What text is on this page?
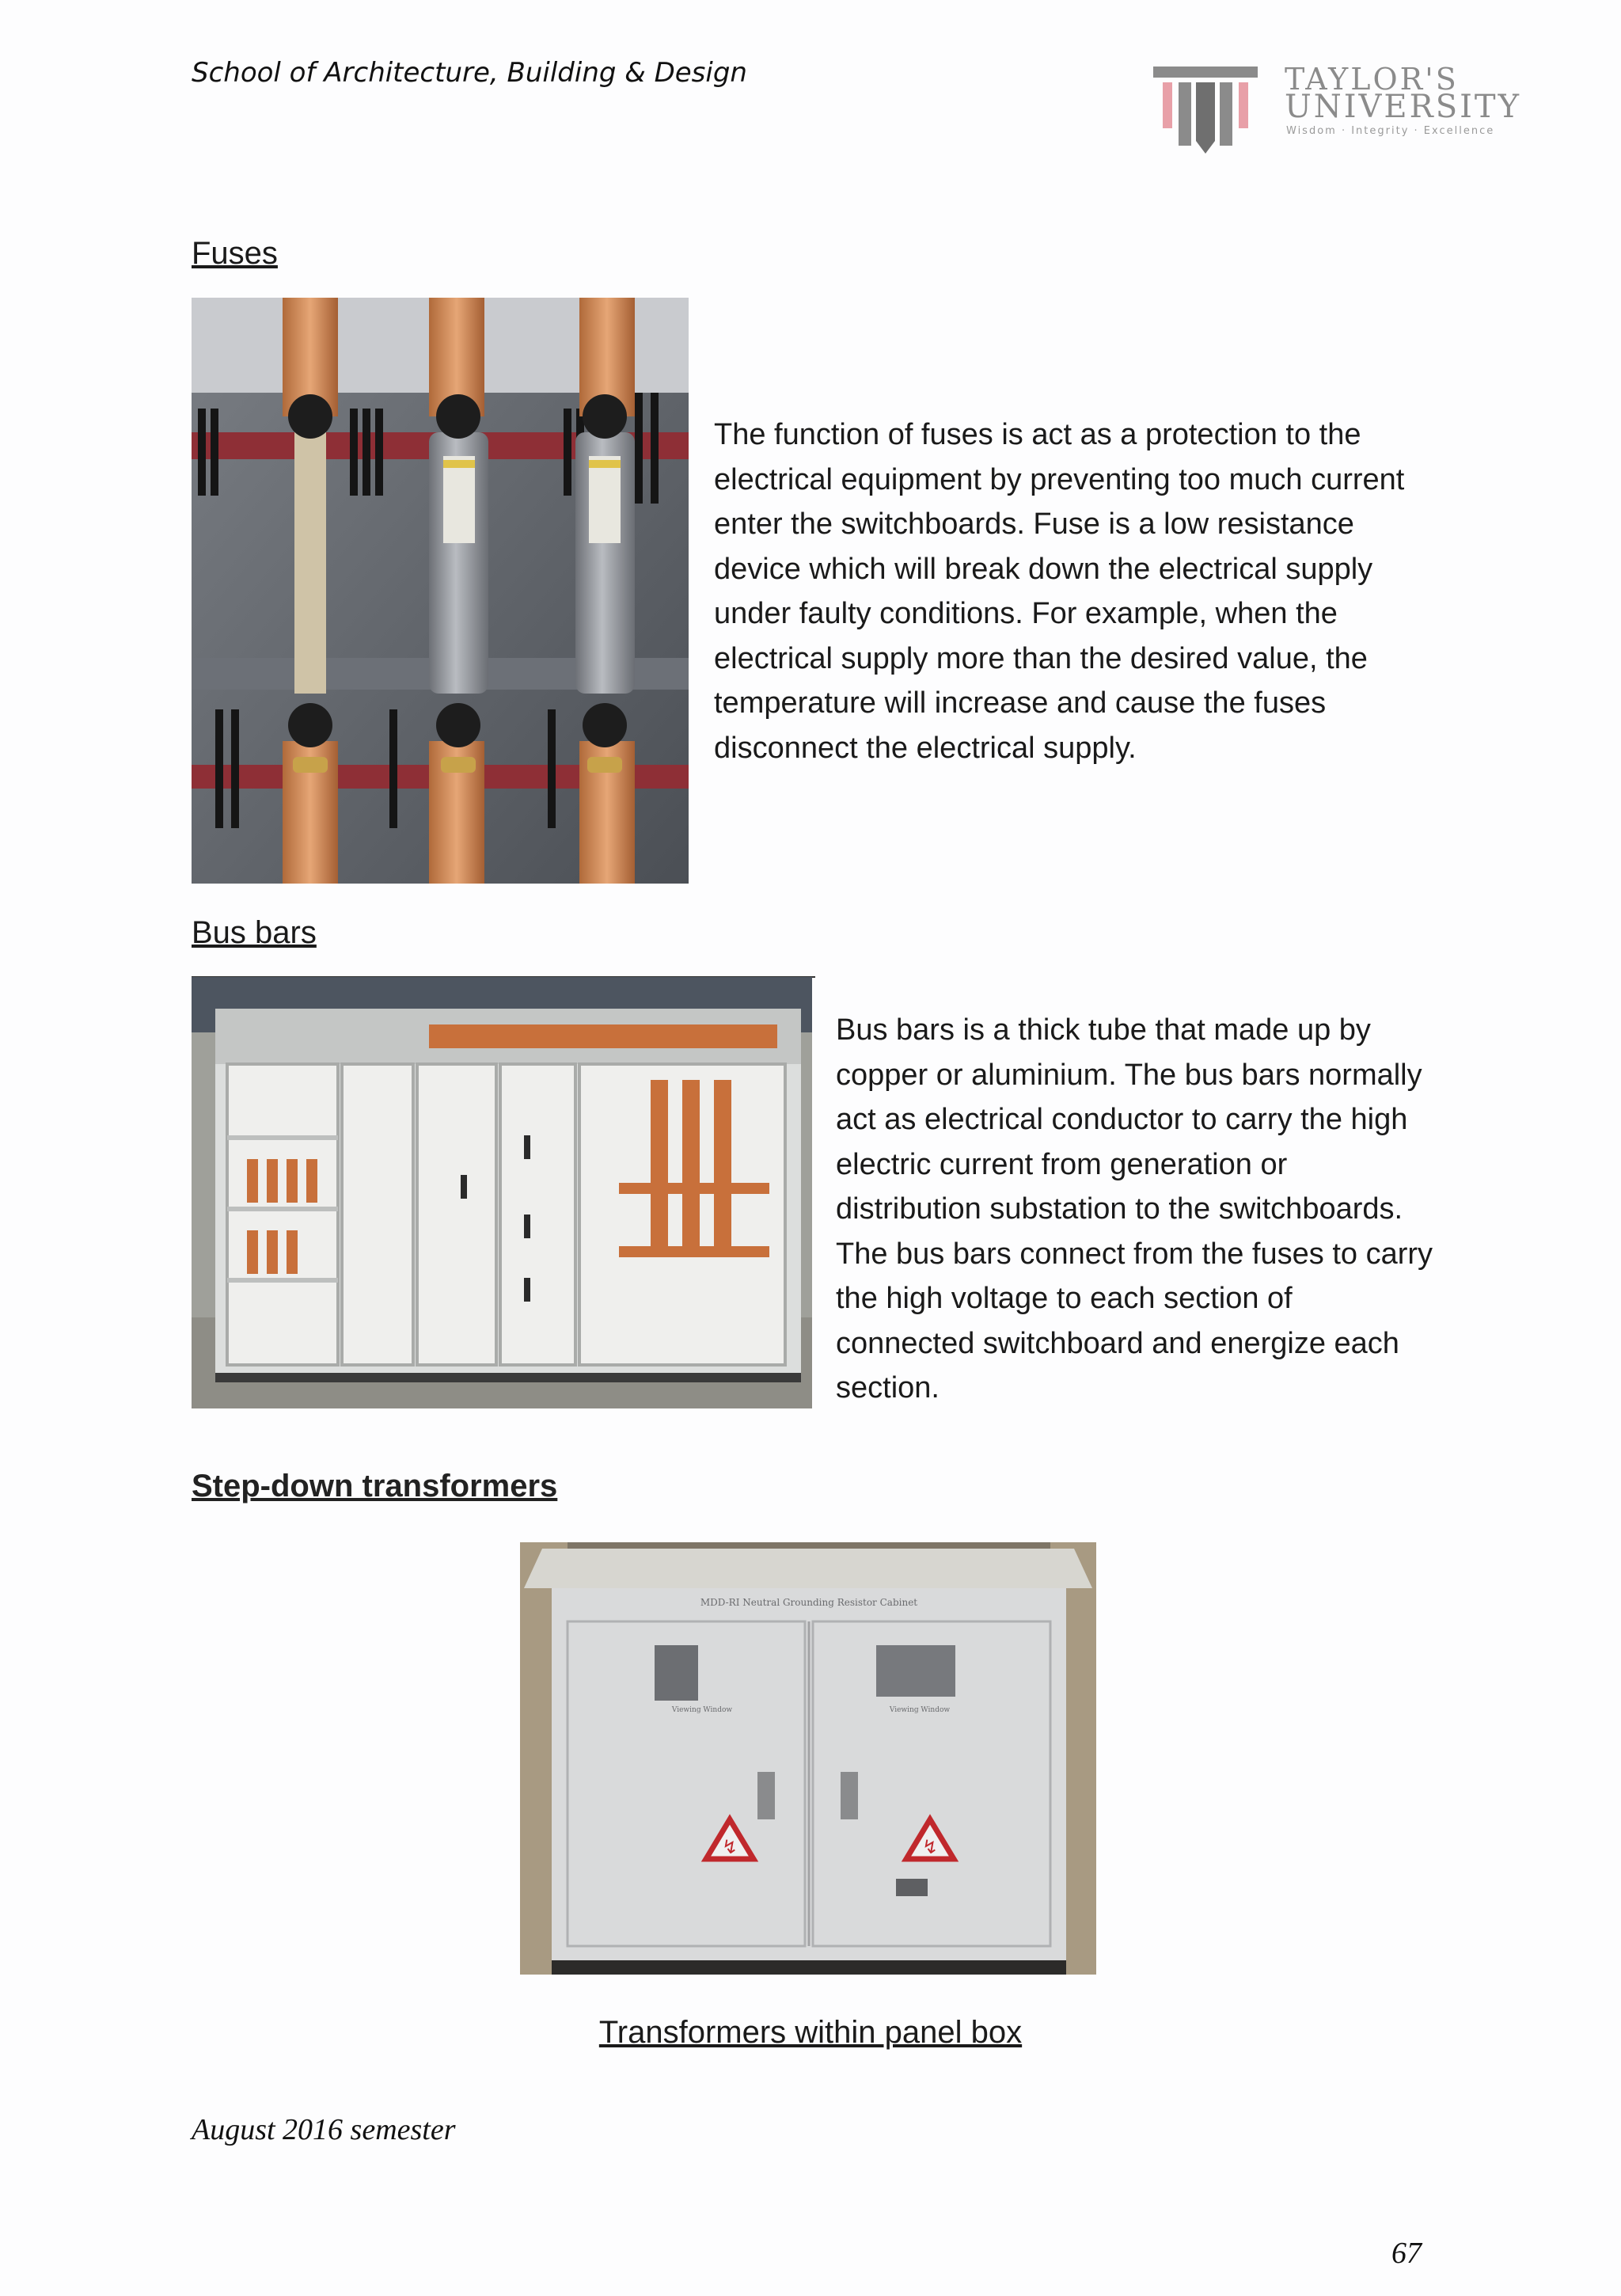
School of Architecture, Building & Design	TAYLOR'S
UNIVERSITY
Wisdom · Integrity · Excellence
Fuses
The function of fuses is act as a protection to the electrical equipment by preventing too much current enter the switchboards. Fuse is a low resistance device which will break down the electrical supply under faulty conditions. For example, when the electrical supply more than the desired value, the temperature will increase and cause the fuses disconnect the electrical supply.
Bus bars
Bus bars is a thick tube that made up by copper or aluminium. The bus bars normally act as electrical conductor to carry the high electric current from generation or distribution substation to the switchboards. The bus bars connect from the fuses to carry the high voltage to each section of connected switchboard and energize each section.
Step-down transformers
↯	↯
MDD-RI Neutral Grounding Resistor Cabinet
Viewing Window	Viewing Window
Transformers within panel box
August 2016 semester
67
